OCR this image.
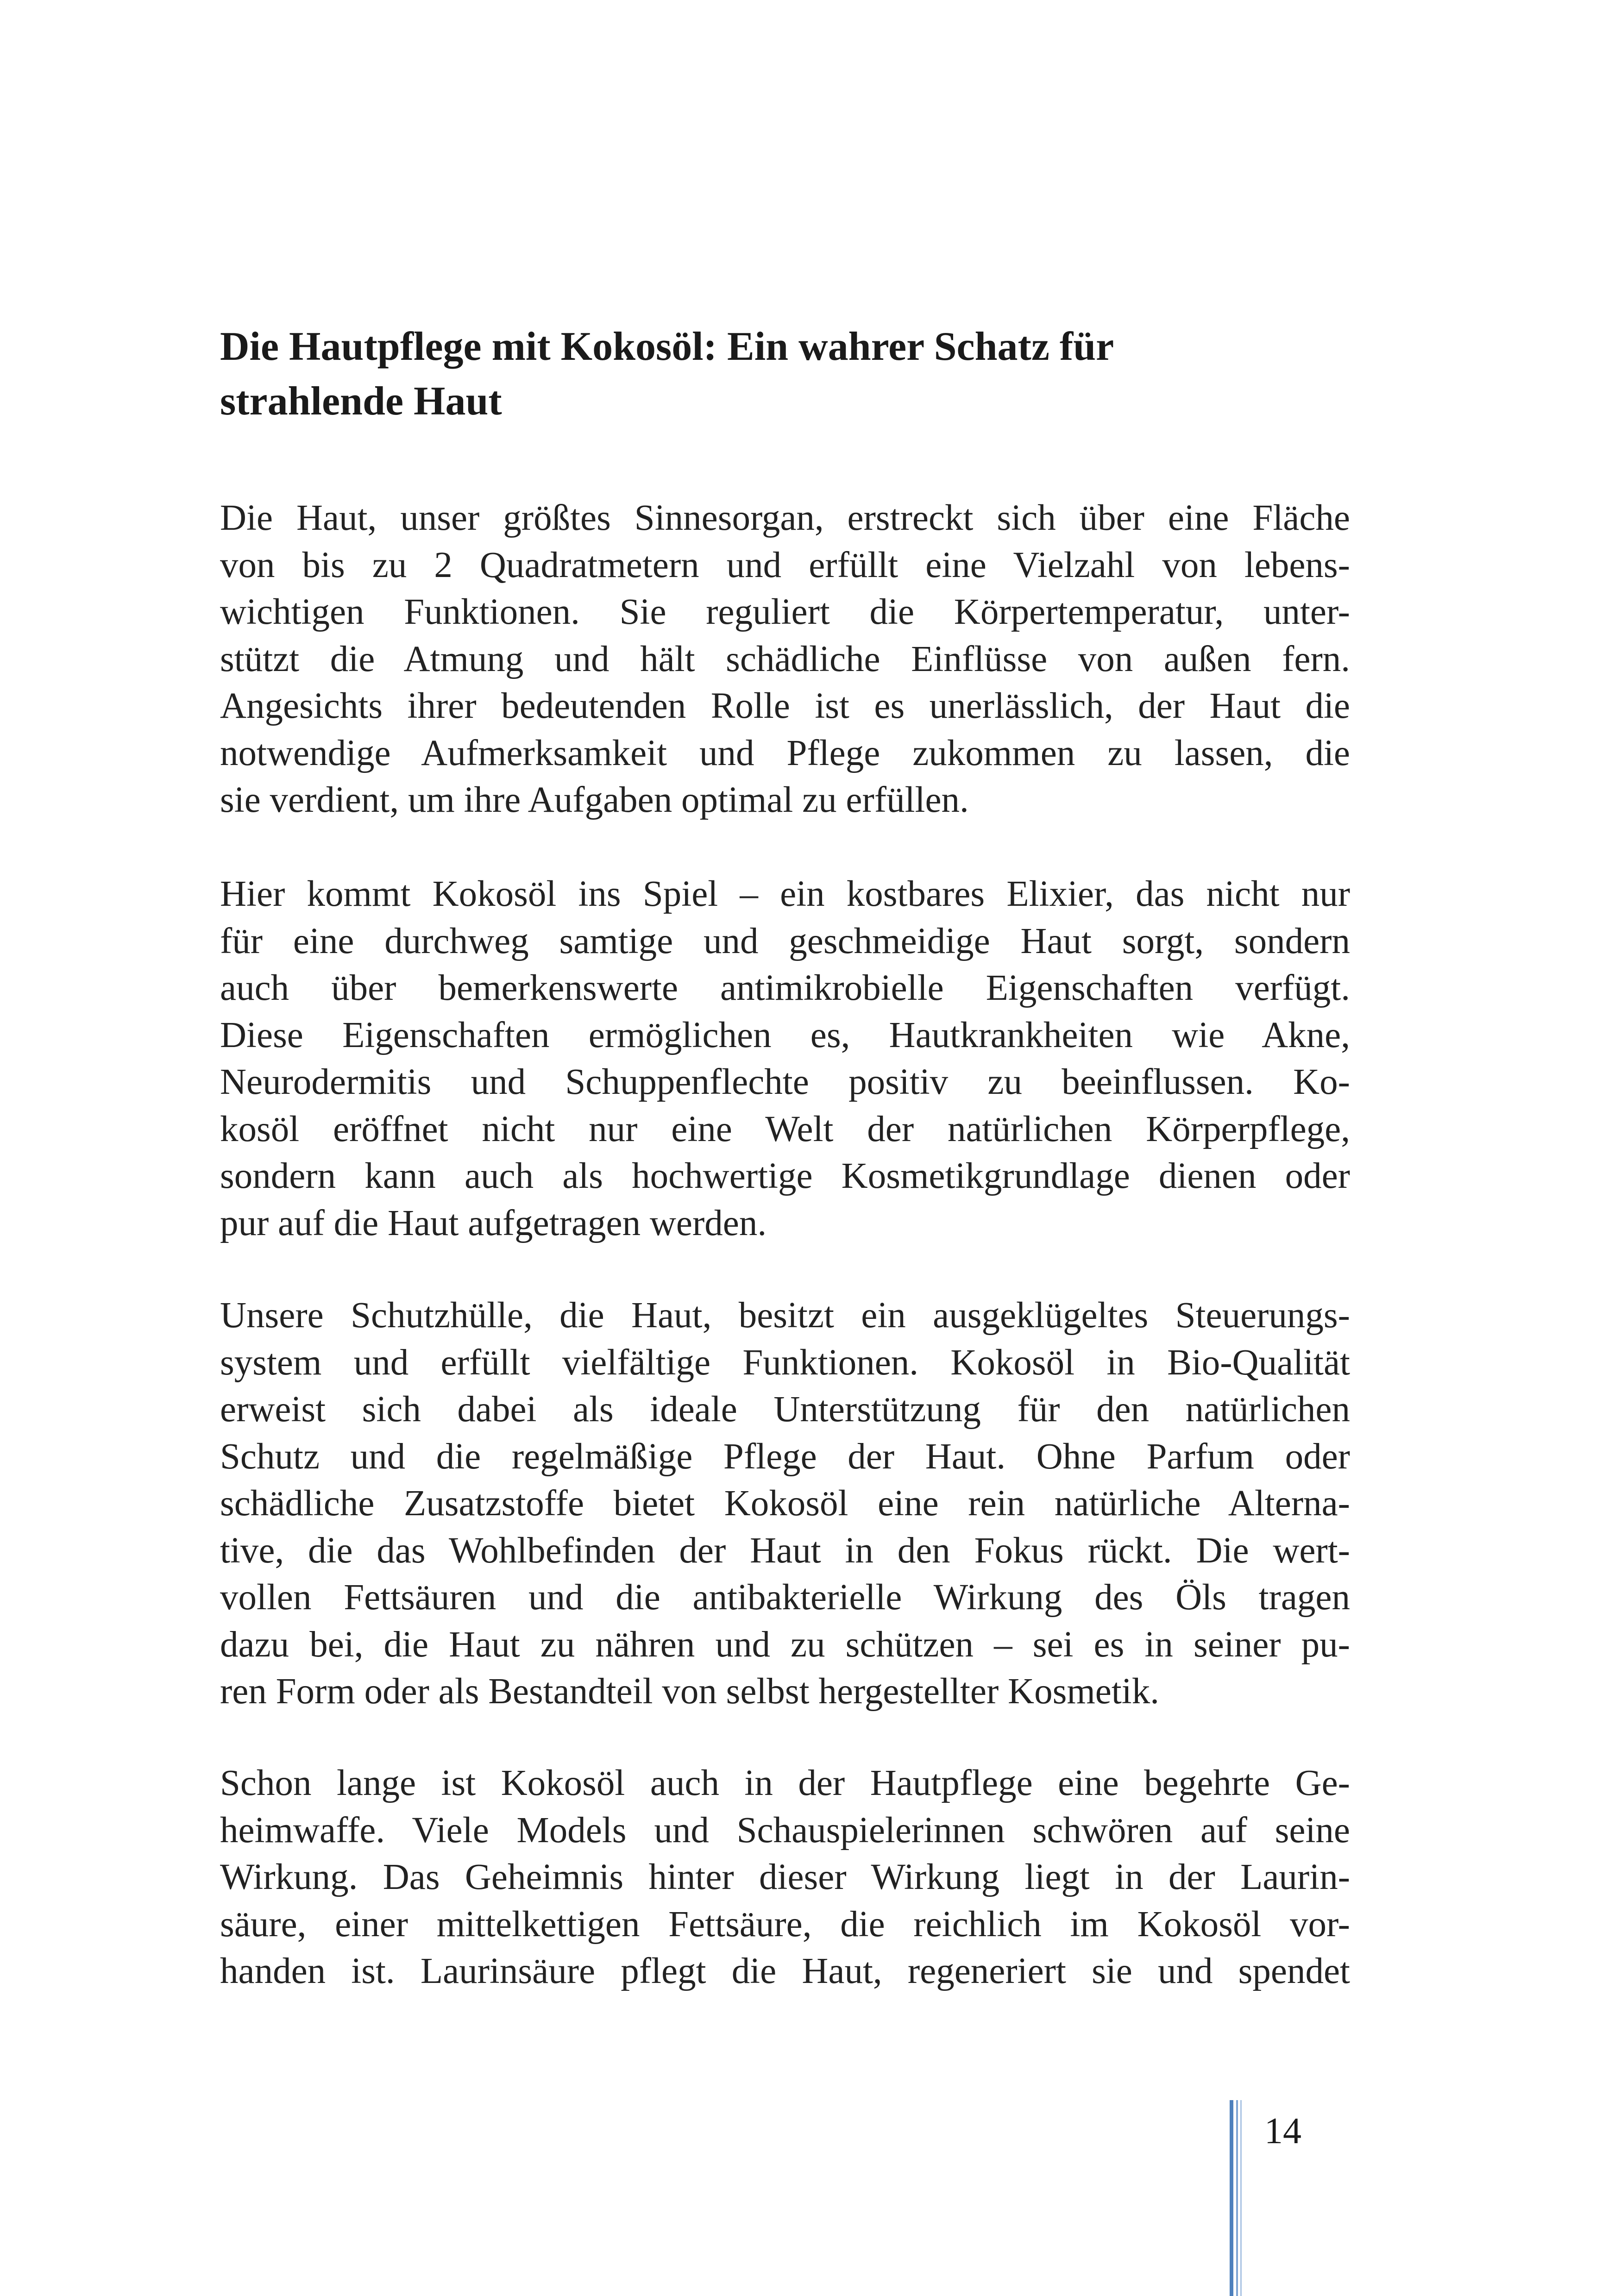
Die Hautpflege mit Kokosöl: Ein wahrer Schatz für
strahlende Haut
Die Haut, unser größtes Sinnesorgan, erstreckt sich über eine Fläche
von bis zu 2 Quadratmetern und erfüllt eine Vielzahl von lebens-
wichtigen Funktionen. Sie reguliert die Körpertemperatur, unter-
stützt die Atmung und hält schädliche Einflüsse von außen fern.
Angesichts ihrer bedeutenden Rolle ist es unerlässlich, der Haut die
notwendige Aufmerksamkeit und Pflege zukommen zu lassen, die
sie verdient, um ihre Aufgaben optimal zu erfüllen.
Hier kommt Kokosöl ins Spiel – ein kostbares Elixier, das nicht nur
für eine durchweg samtige und geschmeidige Haut sorgt, sondern
auch über bemerkenswerte antimikrobielle Eigenschaften verfügt.
Diese Eigenschaften ermöglichen es, Hautkrankheiten wie Akne,
Neurodermitis und Schuppenflechte positiv zu beeinflussen. Ko-
kosöl eröffnet nicht nur eine Welt der natürlichen Körperpflege,
sondern kann auch als hochwertige Kosmetikgrundlage dienen oder
pur auf die Haut aufgetragen werden.
Unsere Schutzhülle, die Haut, besitzt ein ausgeklügeltes Steuerungs-
system und erfüllt vielfältige Funktionen. Kokosöl in Bio-Qualität
erweist sich dabei als ideale Unterstützung für den natürlichen
Schutz und die regelmäßige Pflege der Haut. Ohne Parfum oder
schädliche Zusatzstoffe bietet Kokosöl eine rein natürliche Alterna-
tive, die das Wohlbefinden der Haut in den Fokus rückt. Die wert-
vollen Fettsäuren und die antibakterielle Wirkung des Öls tragen
dazu bei, die Haut zu nähren und zu schützen – sei es in seiner pu-
ren Form oder als Bestandteil von selbst hergestellter Kosmetik.
Schon lange ist Kokosöl auch in der Hautpflege eine begehrte Ge-
heimwaffe. Viele Models und Schauspielerinnen schwören auf seine
Wirkung. Das Geheimnis hinter dieser Wirkung liegt in der Laurin-
säure, einer mittelkettigen Fettsäure, die reichlich im Kokosöl vor-
handen ist. Laurinsäure pflegt die Haut, regeneriert sie und spendet
14
